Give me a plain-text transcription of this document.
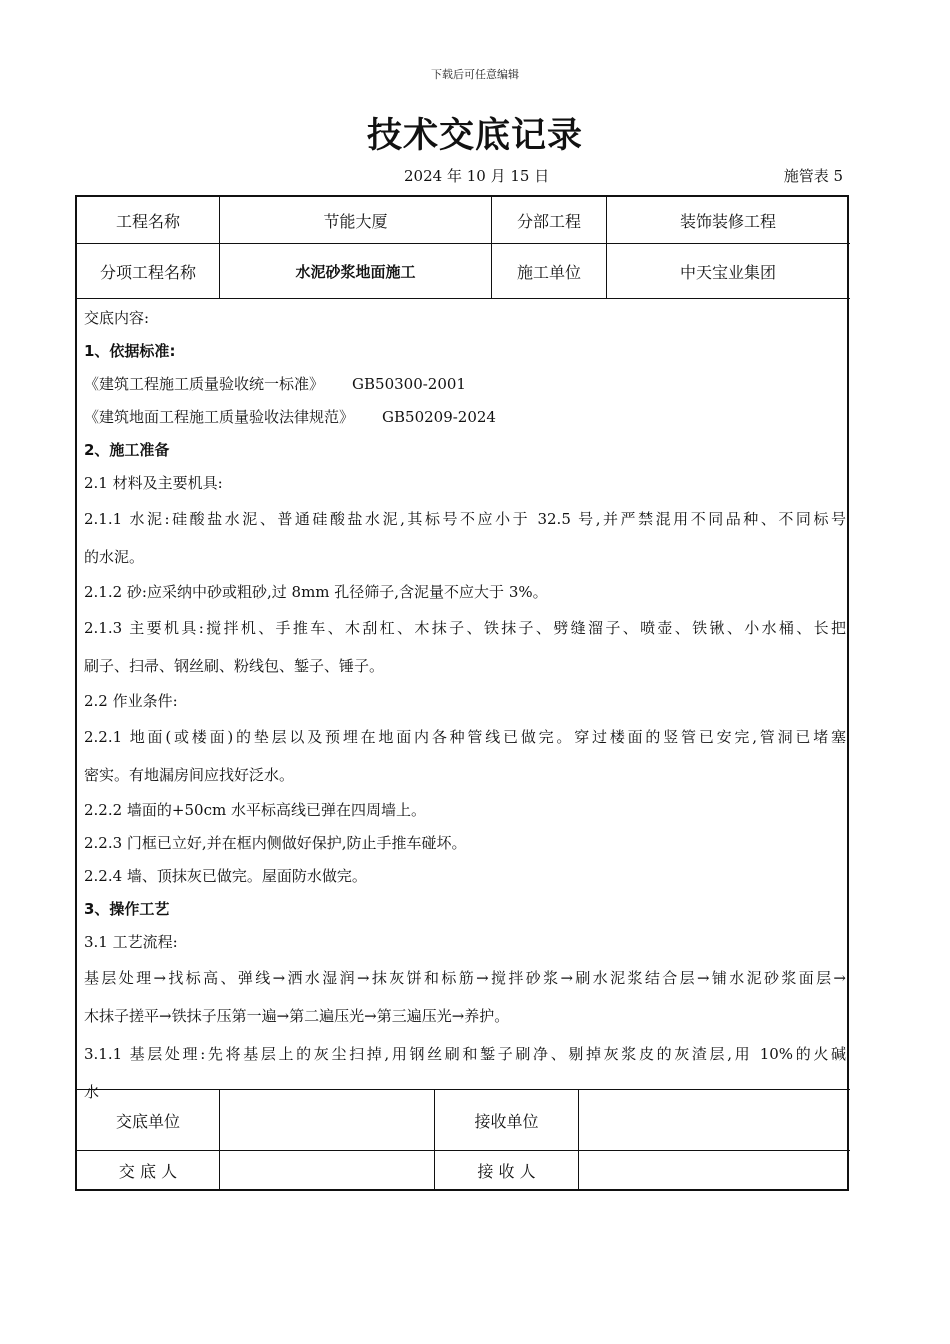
下载后可任意编辑
技术交底记录
2024 年 10 月 15 日	施管表 5
工程名称	节能大厦	分部工程	装饰装修工程
分项工程名称	水泥砂浆地面施工	施工单位	中天宝业集团
交底内容:
1、依据标准:
《建筑工程施工质量验收统一标准》 GB50300-2001
《建筑地面工程施工质量验收法律规范》 GB50209-2024
2、施工准备
2.1 材料及主要机具:
2.1.1 水泥:硅酸盐水泥、普通硅酸盐水泥,其标号不应小于 32.5 号,并严禁混用不同品种、不同标号
的水泥。
2.1.2 砂:应采纳中砂或粗砂,过 8mm 孔径筛子,含泥量不应大于 3%。
2.1.3 主要机具:搅拌机、手推车、木刮杠、木抹子、铁抹子、劈缝溜子、喷壶、铁锹、小水桶、长把
刷子、扫帚、钢丝刷、粉线包、錾子、锤子。
2.2 作业条件:
2.2.1 地面(或楼面)的垫层以及预埋在地面内各种管线已做完。穿过楼面的竖管已安完,管洞已堵塞
密实。有地漏房间应找好泛水。
2.2.2 墙面的+50cm 水平标高线已弹在四周墙上。
2.2.3 门框已立好,并在框内侧做好保护,防止手推车碰坏。
2.2.4 墙、顶抹灰已做完。屋面防水做完。
3、操作工艺
3.1 工艺流程:
基层处理→找标高、弹线→洒水湿润→抹灰饼和标筋→搅拌砂浆→刷水泥浆结合层→铺水泥砂浆面层→
木抹子搓平→铁抹子压第一遍→第二遍压光→第三遍压光→养护。
3.1.1 基层处理:先将基层上的灰尘扫掉,用钢丝刷和錾子刷净、剔掉灰浆皮的灰渣层,用 10%的火碱
水
交底单位	接收单位
交 底 人	接 收 人
